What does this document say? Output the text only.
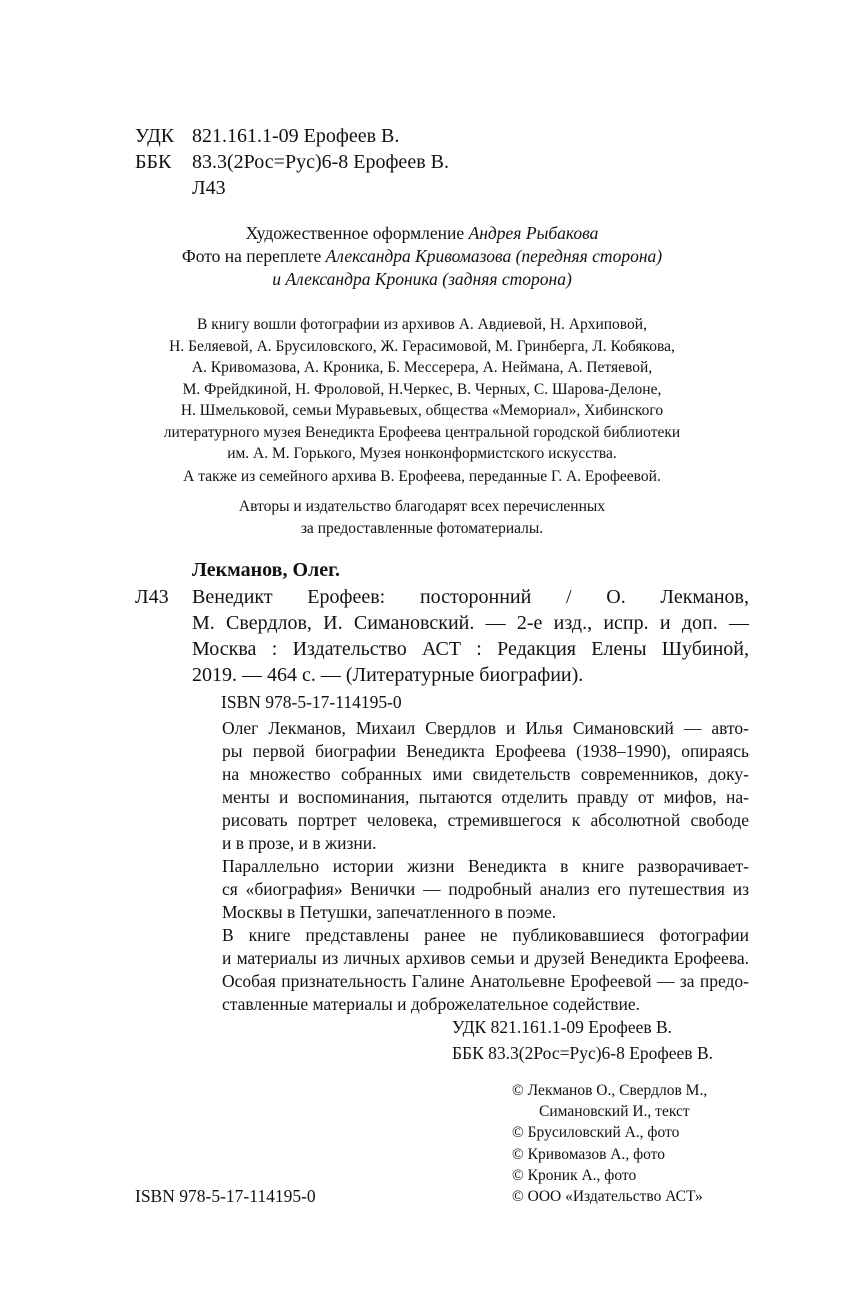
УДК 821.161.1-09 Ерофеев В.
ББК 83.3(2Рос=Рус)6-8 Ерофеев В.
Л43
Художественное оформление Андрея Рыбакова
Фото на переплете Александра Кривомазова (передняя сторона)
и Александра Кроника (задняя сторона)
В книгу вошли фотографии из архивов А. Авдиевой, Н. Архиповой,
Н. Беляевой, А. Брусиловского, Ж. Герасимовой, М. Гринберга, Л. Кобякова,
А. Кривомазова, А. Кроника, Б. Мессерера, А. Неймана, А. Петяевой,
М. Фрейдкиной, Н. Фроловой, Н.Черкес, В. Черных, С. Шарова-Делоне,
Н. Шмельковой, семьи Муравьевых, общества «Мемориал», Хибинского
литературного музея Венедикта Ерофеева центральной городской библиотеки
им. А. М. Горького, Музея нонконформистского искусства.
А также из семейного архива В. Ерофеева, переданные Г. А. Ерофеевой.
Авторы и издательство благодарят всех перечисленных
за предоставленные фотоматериалы.
Лекманов, Олег.
Л43 Венедикт Ерофеев: посторонний / О. Лекманов,
М. Свердлов, И. Симановский. — 2-е изд., испр. и доп. —
Москва : Издательство АСТ : Редакция Елены Шубиной,
2019. — 464 с. — (Литературные биографии).
ISBN 978-5-17-114195-0

Олег Лекманов, Михаил Свердлов и Илья Симановский — авто-
ры первой биографии Венедикта Ерофеева (1938–1990), опираясь
на множество собранных ими свидетельств современников, доку-
менты и воспоминания, пытаются отделить правду от мифов, на-
рисовать портрет человека, стремившегося к абсолютной свободе
и в прозе, и в жизни.

Параллельно истории жизни Венедикта в книге разворачивает-
ся «биография» Венички — подробный анализ его путешествия из
Москвы в Петушки, запечатленного в поэме.

В книге представлены ранее не публиковавшиеся фотографии
и материалы из личных архивов семьи и друзей Венедикта Ерофеева.
Особая признательность Галине Анатольевне Ерофеевой — за предо-
ставленные материалы и доброжелательное содействие.

УДК 821.161.1-09 Ерофеев В.
ББК 83.3(2Рос=Рус)6-8 Ерофеев В.
© Лекманов О., Свердлов М.,
Симановский И., текст
© Брусиловский А., фото
© Кривомазов А., фото
© Кроник А., фото
© ООО «Издательство АСТ»
ISBN 978-5-17-114195-0
